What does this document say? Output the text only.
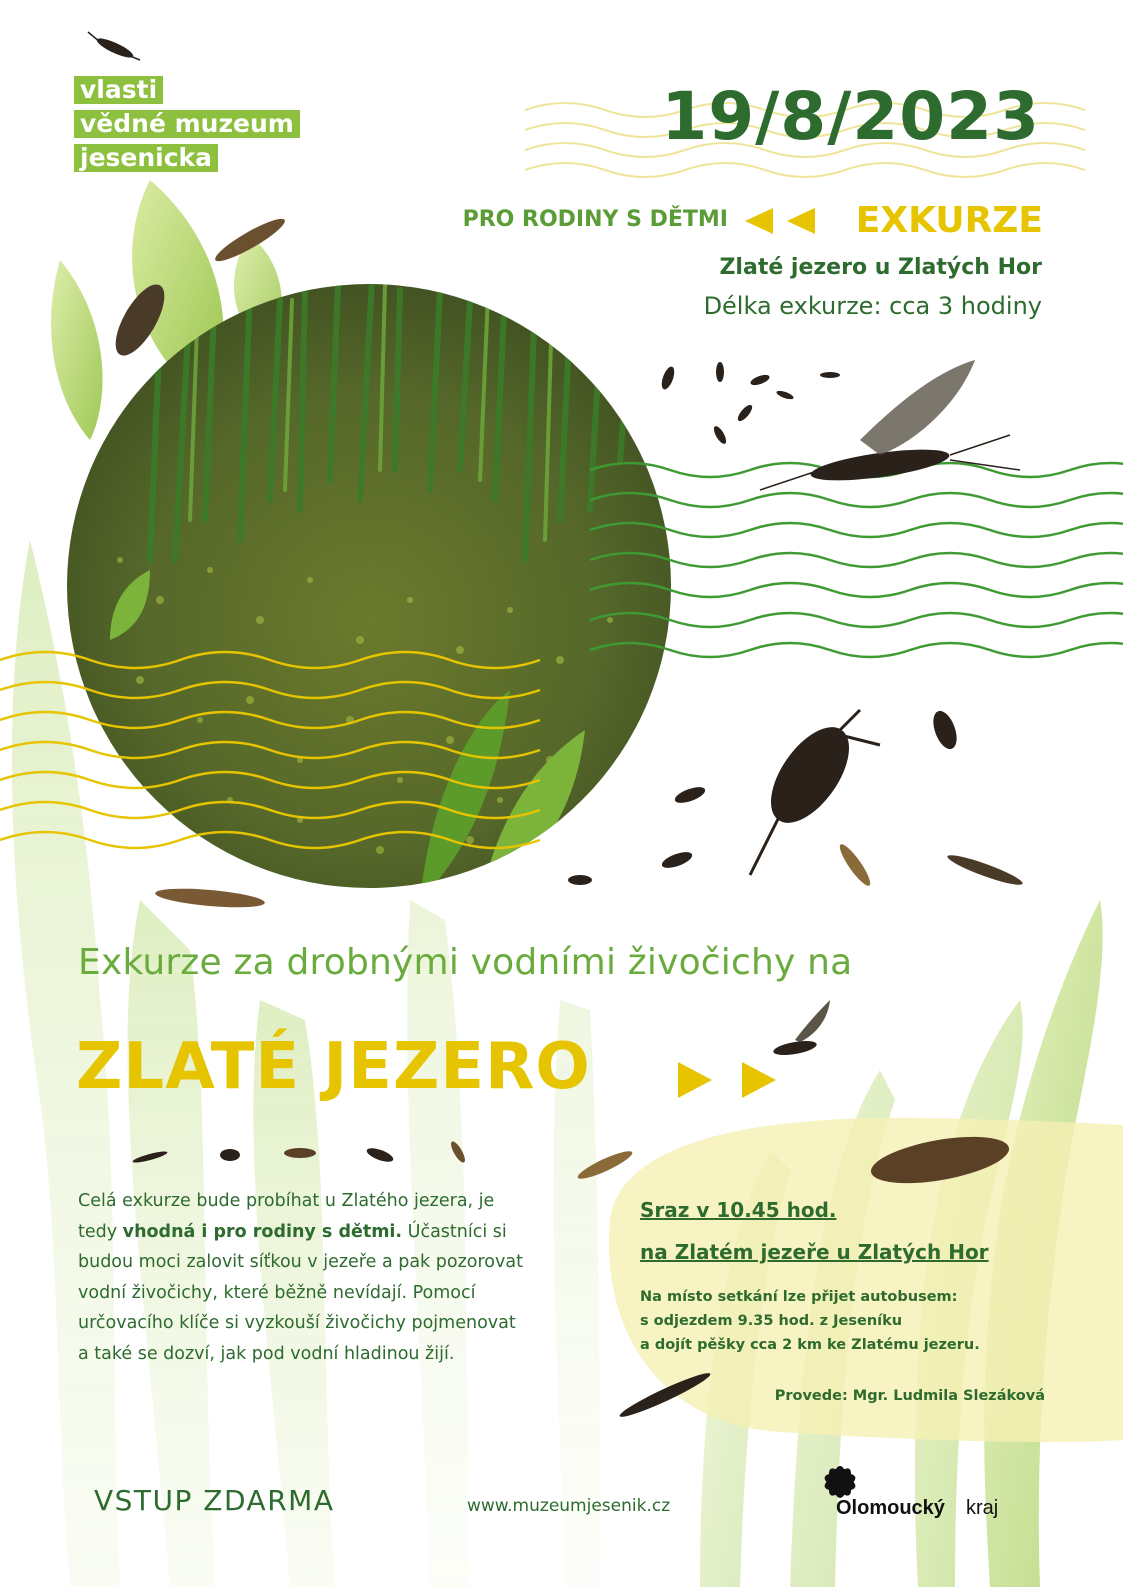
vlasti
vědné muzeum
jesenicka
19/8/2023
PRO RODINY S DĚTMI	EXKURZE
Zlaté jezero u Zlatých Hor
Délka exkurze: cca 3 hodiny
Exkurze za drobnými vodními živočichy na
ZLATÉ JEZERO
Celá exkurze bude probíhat u Zlatého jezera, je tedy vhodná i pro rodiny s dětmi. Účastníci si budou moci zalovit síťkou v jezeře a pak pozorovat vodní živočichy, které běžně nevídají. Pomocí určovacího klíče si vyzkouší živočichy pojmenovat a také se dozví, jak pod vodní hladinou žijí.
Sraz v 10.45 hod.
na Zlatém jezeře u Zlatých Hor
Na místo setkání lze přijet autobusem:
s odjezdem 9.35 hod. z Jeseníku
a dojít pěšky cca 2 km ke Zlatému jezeru.
Provede: Mgr. Ludmila Slezáková
VSTUP ZDARMA	www.muzeumjesenik.cz	Olomoucký kraj
